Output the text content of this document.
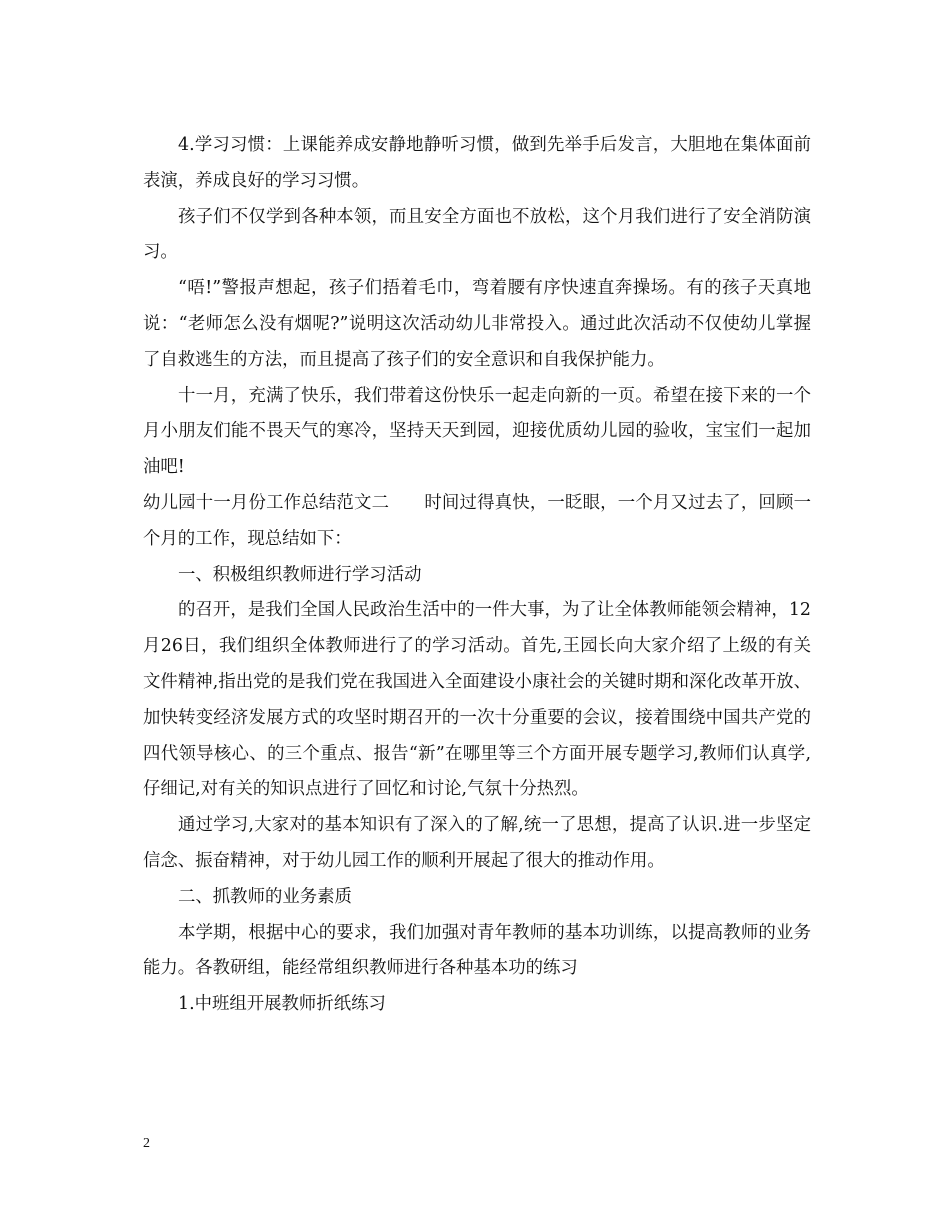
4.学习习惯：上课能养成安静地静听习惯，做到先举手后发言，大胆地在集体面前表演，养成良好的学习习惯。

孩子们不仅学到各种本领，而且安全方面也不放松，这个月我们进行了安全消防演习。

“唔!”警报声想起，孩子们捂着毛巾，弯着腰有序快速直奔操场。有的孩子天真地说：“老师怎么没有烟呢?”说明这次活动幼儿非常投入。通过此次活动不仅使幼儿掌握了自救逃生的方法，而且提高了孩子们的安全意识和自我保护能力。

十一月，充满了快乐，我们带着这份快乐一起走向新的一页。希望在接下来的一个月小朋友们能不畏天气的寒冷，坚持天天到园，迎接优质幼儿园的验收，宝宝们一起加油吧!

幼儿园十一月份工作总结范文二　　时间过得真快，一眨眼，一个月又过去了，回顾一个月的工作，现总结如下：

一、积极组织教师进行学习活动

的召开，是我们全国人民政治生活中的一件大事，为了让全体教师能领会精神，12月26日，我们组织全体教师进行了的学习活动。首先,王园长向大家介绍了上级的有关文件精神,指出党的是我们党在我国进入全面建设小康社会的关键时期和深化改革开放、加快转变经济发展方式的攻坚时期召开的一次十分重要的会议，接着围绕中国共产党的四代领导核心、的三个重点、报告“新”在哪里等三个方面开展专题学习,教师们认真学,仔细记,对有关的知识点进行了回忆和讨论,气氛十分热烈。

通过学习,大家对的基本知识有了深入的了解,统一了思想，提高了认识.进一步坚定信念、振奋精神，对于幼儿园工作的顺利开展起了很大的推动作用。

二、抓教师的业务素质

本学期，根据中心的要求，我们加强对青年教师的基本功训练，以提高教师的业务能力。各教研组，能经常组织教师进行各种基本功的练习

1.中班组开展教师折纸练习

2
